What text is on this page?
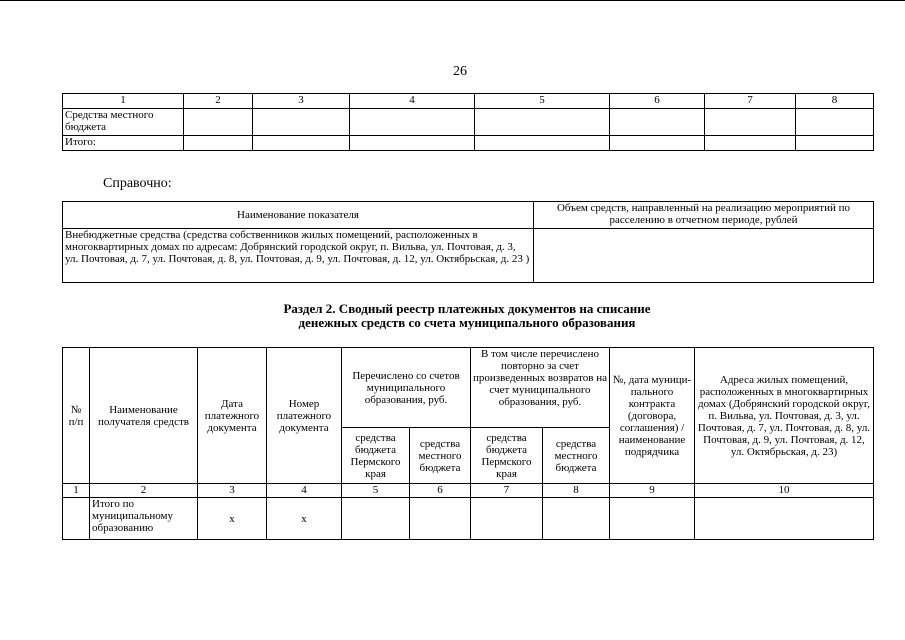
26
1	2	3	4	5	6	7	8
Средства местного бюджета							
Итого:							
Справочно:
Наименование показателя	Объем средств, направленный на реализацию мероприятий по расселению в отчетном периоде, рублей
Внебюджетные средства (средства собственников жилых помещений, расположенных в многоквартирных домах по адресам: Добрянский городской округ, п. Вильва, ул. Почтовая, д. 3, ул. Почтовая, д. 7, ул. Почтовая, д. 8, ул. Почтовая, д. 9, ул. Почтовая, д. 12, ул. Октябрьская, д. 23 )	
Раздел 2. Сводный реестр платежных документов на списание
денежных средств со счета муниципального образования
№ п/п	Наименование получателя средств	Дата платежного документа	Номер платежного документа	Перечислено со счетов муниципального образования, руб.		В том числе перечислено повторно за счет произведенных возвратов на счет муниципального образования, руб.		№, дата муници-пального контракта (договора, соглашения) / наименование подрядчика	Адреса жилых помещений, расположенных в многоквартирных домах (Добрянский городской округ, п. Вильва, ул. Почтовая, д. 3, ул. Почтовая, д. 7, ул. Почтовая, д. 8, ул. Почтовая, д. 9, ул. Почтовая, д. 12, ул. Октябрьская, д. 23)
				средства бюджета Пермского края	средства местного бюджета	средства бюджета Пермского края	средства местного бюджета		
1	2	3	4	5	6	7	8	9	10
	Итого по муниципальному образованию	x	x						
